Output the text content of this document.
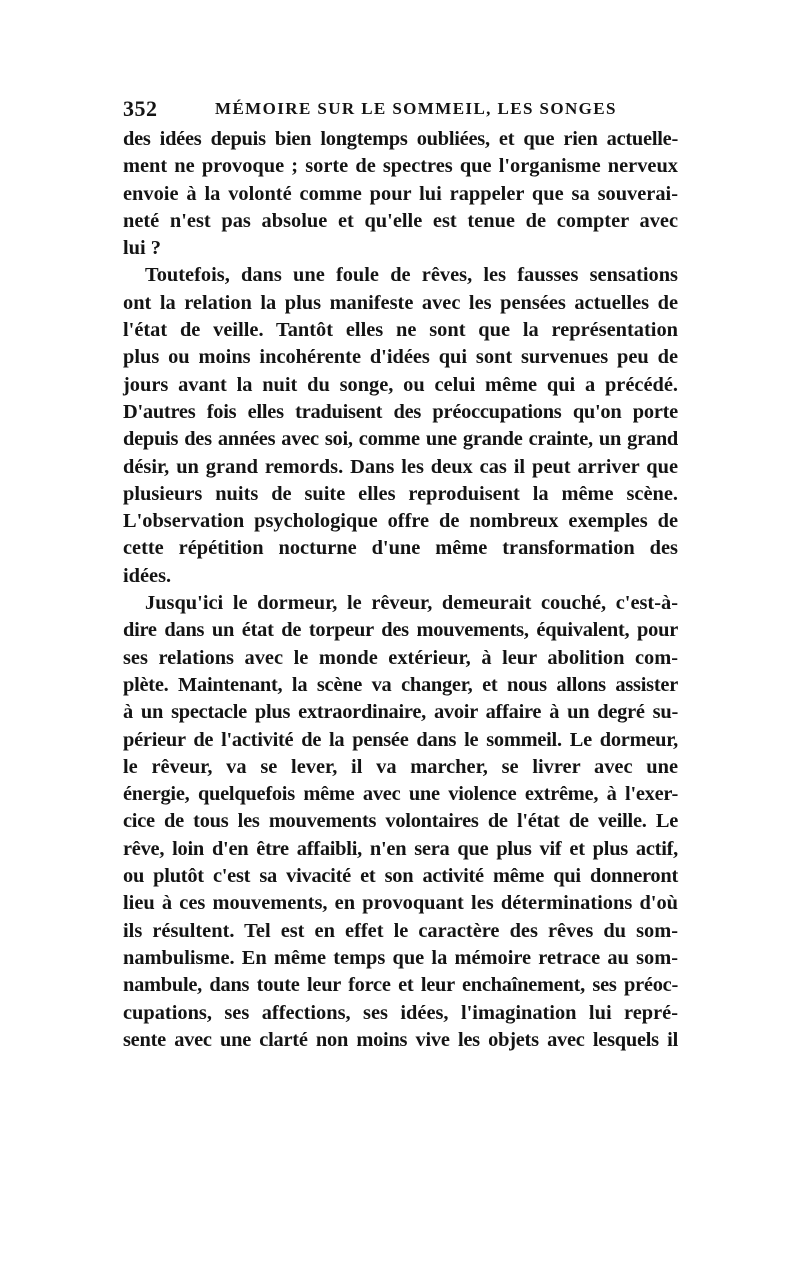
352	MÉMOIRE SUR LE SOMMEIL, LES SONGES
des idées depuis bien longtemps oubliées, et que rien actuelle-
ment ne provoque ; sorte de spectres que l'organisme nerveux
envoie à la volonté comme pour lui rappeler que sa souverai-
neté n'est pas absolue et qu'elle est tenue de compter avec
lui ?
Toutefois, dans une foule de rêves, les fausses sensations
ont la relation la plus manifeste avec les pensées actuelles de
l'état de veille. Tantôt elles ne sont que la représentation
plus ou moins incohérente d'idées qui sont survenues peu de
jours avant la nuit du songe, ou celui même qui a précédé.
D'autres fois elles traduisent des préoccupations qu'on porte
depuis des années avec soi, comme une grande crainte, un grand
désir, un grand remords. Dans les deux cas il peut arriver que
plusieurs nuits de suite elles reproduisent la même scène.
L'observation psychologique offre de nombreux exemples de
cette répétition nocturne d'une même transformation des
idées.
Jusqu'ici le dormeur, le rêveur, demeurait couché, c'est-à-
dire dans un état de torpeur des mouvements, équivalent, pour
ses relations avec le monde extérieur, à leur abolition com-
plète. Maintenant, la scène va changer, et nous allons assister
à un spectacle plus extraordinaire, avoir affaire à un degré su-
périeur de l'activité de la pensée dans le sommeil. Le dormeur,
le rêveur, va se lever, il va marcher, se livrer avec une
énergie, quelquefois même avec une violence extrême, à l'exer-
cice de tous les mouvements volontaires de l'état de veille. Le
rêve, loin d'en être affaibli, n'en sera que plus vif et plus actif,
ou plutôt c'est sa vivacité et son activité même qui donneront
lieu à ces mouvements, en provoquant les déterminations d'où
ils résultent. Tel est en effet le caractère des rêves du som-
nambulisme. En même temps que la mémoire retrace au som-
nambule, dans toute leur force et leur enchaînement, ses préoc-
cupations, ses affections, ses idées, l'imagination lui repré-
sente avec une clarté non moins vive les objets avec lesquels il
